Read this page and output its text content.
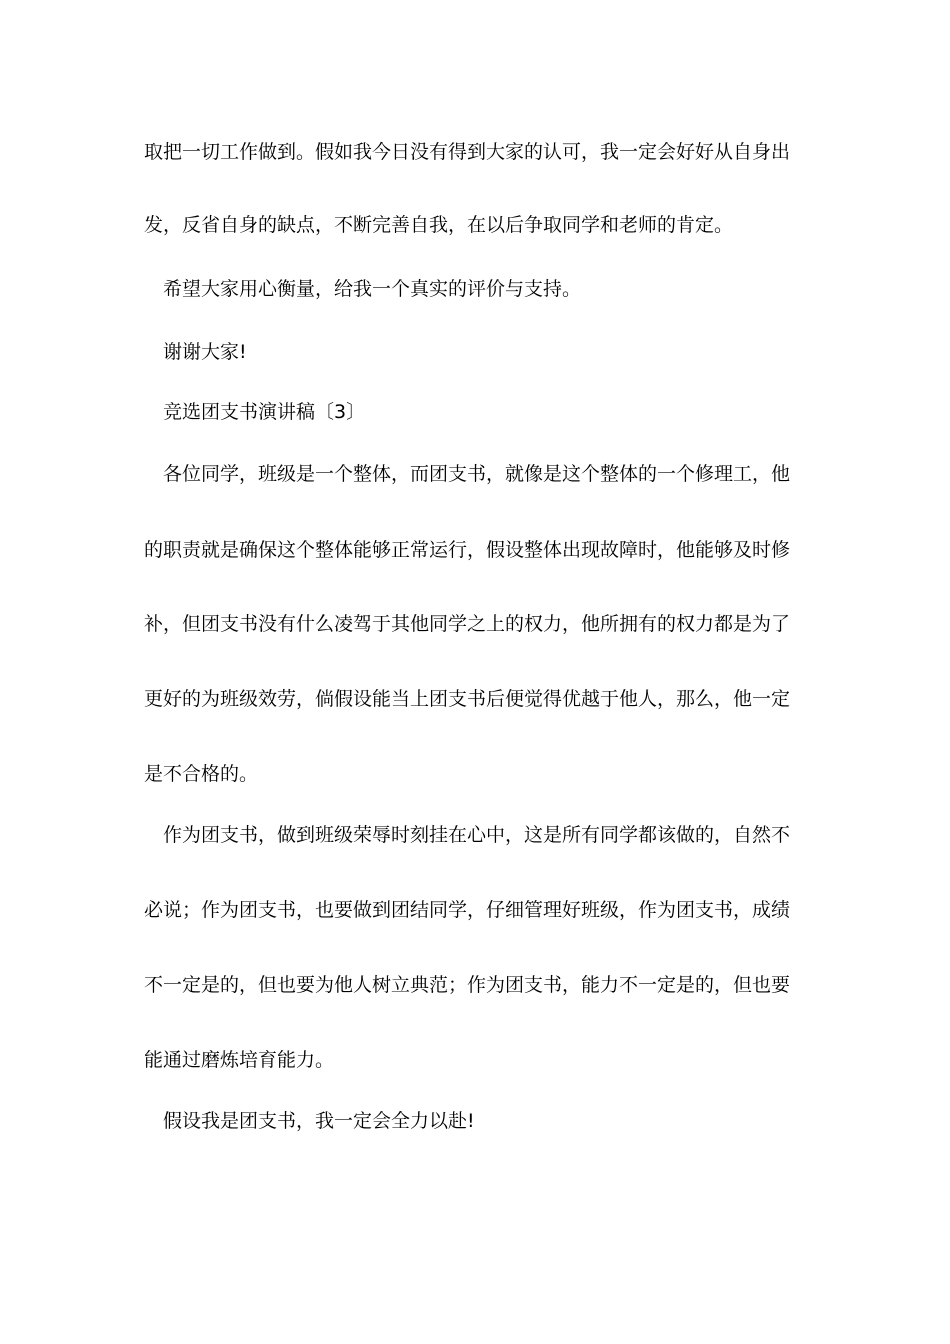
取把一切工作做到。假如我今日没有得到大家的认可，我一定会好好从自身出
发，反省自身的缺点，不断完善自我，在以后争取同学和老师的肯定。
希望大家用心衡量，给我一个真实的评价与支持。
谢谢大家!
竞选团支书演讲稿〔3〕
各位同学，班级是一个整体，而团支书，就像是这个整体的一个修理工，他
的职责就是确保这个整体能够正常运行，假设整体出现故障时，他能够及时修
补，但团支书没有什么凌驾于其他同学之上的权力，他所拥有的权力都是为了
更好的为班级效劳，倘假设能当上团支书后便觉得优越于他人，那么，他一定
是不合格的。
作为团支书，做到班级荣辱时刻挂在心中，这是所有同学都该做的，自然不
必说；作为团支书，也要做到团结同学，仔细管理好班级，作为团支书，成绩
不一定是的，但也要为他人树立典范；作为团支书，能力不一定是的，但也要
能通过磨炼培育能力。
假设我是团支书，我一定会全力以赴!
